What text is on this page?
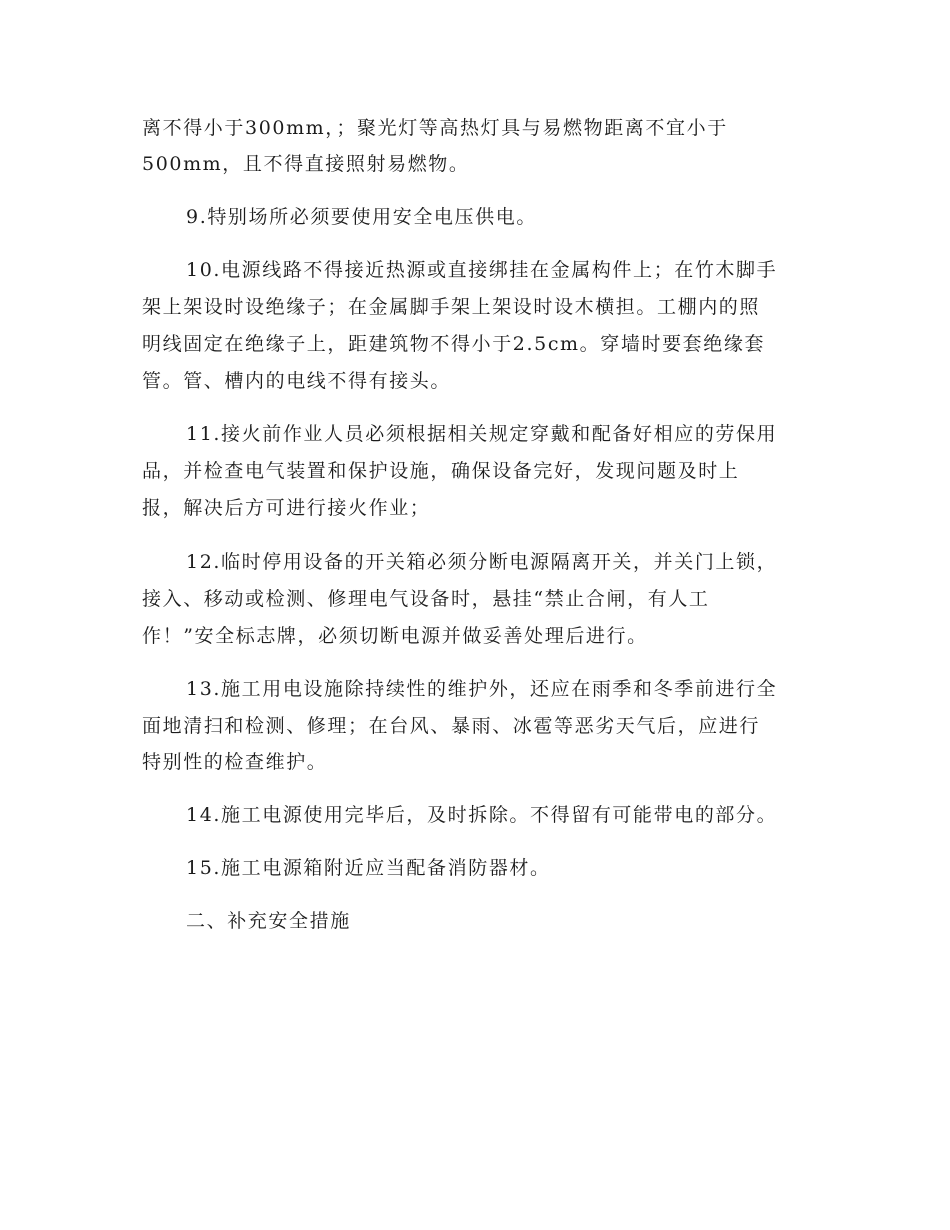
离不得小于300mm，；聚光灯等高热灯具与易燃物距离不宜小于

500mm，且不得直接照射易燃物。

9.特别场所必须要使用安全电压供电。

10.电源线路不得接近热源或直接绑挂在金属构件上；在竹木脚手

架上架设时设绝缘子；在金属脚手架上架设时设木横担。工棚内的照

明线固定在绝缘子上，距建筑物不得小于2.5cm。穿墙时要套绝缘套

管。管、槽内的电线不得有接头。

11.接火前作业人员必须根据相关规定穿戴和配备好相应的劳保用

品，并检查电气装置和保护设施，确保设备完好，发现问题及时上

报，解决后方可进行接火作业；

12.临时停用设备的开关箱必须分断电源隔离开关，并关门上锁，

接入、移动或检测、修理电气设备时，悬挂“禁止合闸，有人工

作！”安全标志牌，必须切断电源并做妥善处理后进行。

13.施工用电设施除持续性的维护外，还应在雨季和冬季前进行全

面地清扫和检测、修理；在台风、暴雨、冰雹等恶劣天气后，应进行

特别性的检查维护。

14.施工电源使用完毕后，及时拆除。不得留有可能带电的部分。

15.施工电源箱附近应当配备消防器材。

二、补充安全措施
